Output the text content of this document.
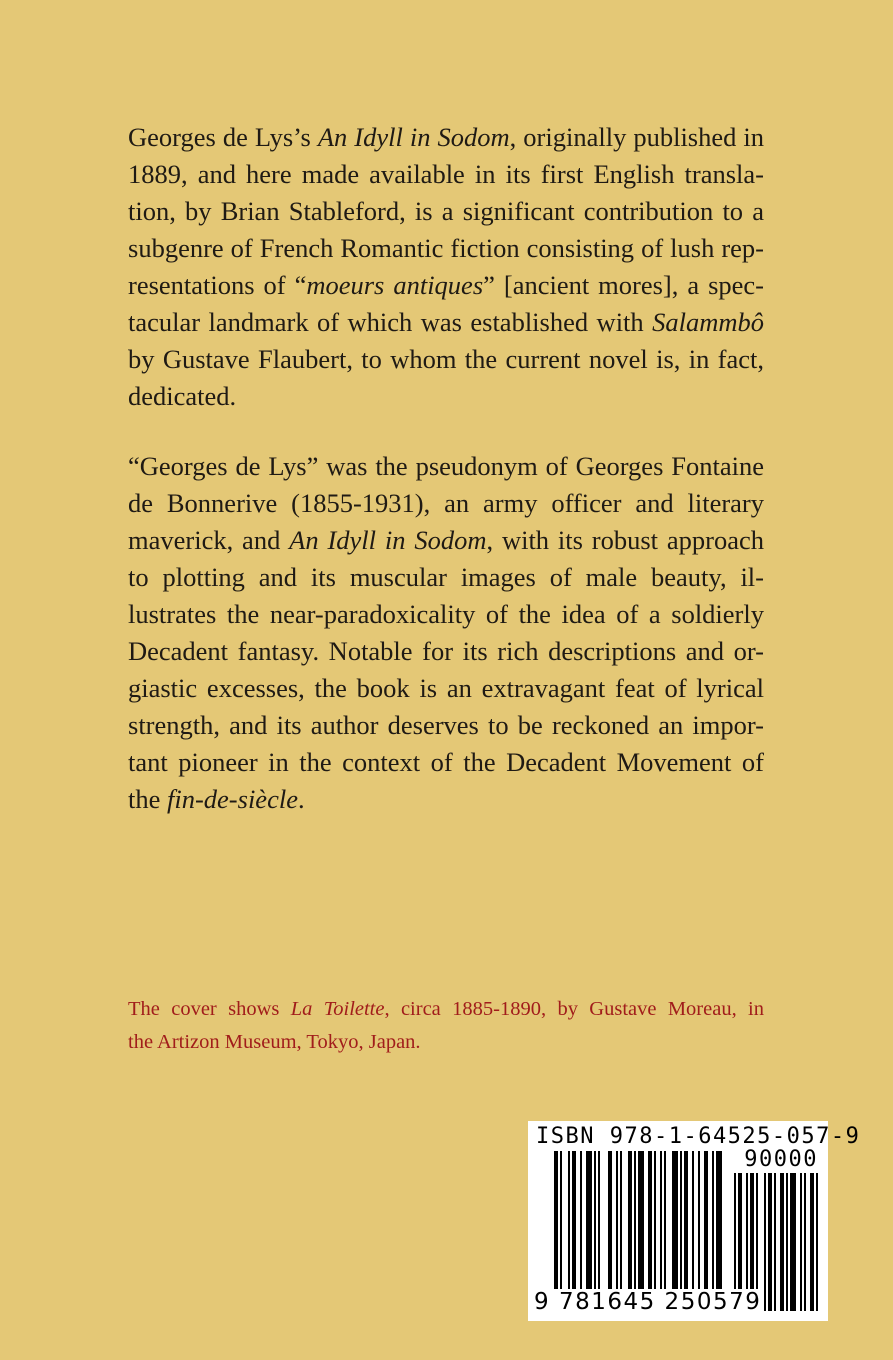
Georges de Lys’s An Idyll in Sodom, originally published in
1889, and here made available in its first English transla-
tion, by Brian Stableford, is a significant contribution to a
subgenre of French Romantic fiction consisting of lush rep-
resentations of “moeurs antiques” [ancient mores], a spec-
tacular landmark of which was established with Salammbô
by Gustave Flaubert, to whom the current novel is, in fact,
dedicated.

“Georges de Lys” was the pseudonym of Georges Fontaine
de Bonnerive (1855-1931), an army officer and literary
maverick, and An Idyll in Sodom, with its robust approach
to plotting and its muscular images of male beauty, il-
lustrates the near-paradoxicality of the idea of a soldierly
Decadent fantasy. Notable for its rich descriptions and or-
giastic excesses, the book is an extravagant feat of lyrical
strength, and its author deserves to be reckoned an impor-
tant pioneer in the context of the Decadent Movement of
the fin-de-siècle.

The cover shows La Toilette, circa 1885-1890, by Gustave Moreau, in
the Artizon Museum, Tokyo, Japan.
ISBN 978-1-64525-057-9
90000
9 781645 250579
